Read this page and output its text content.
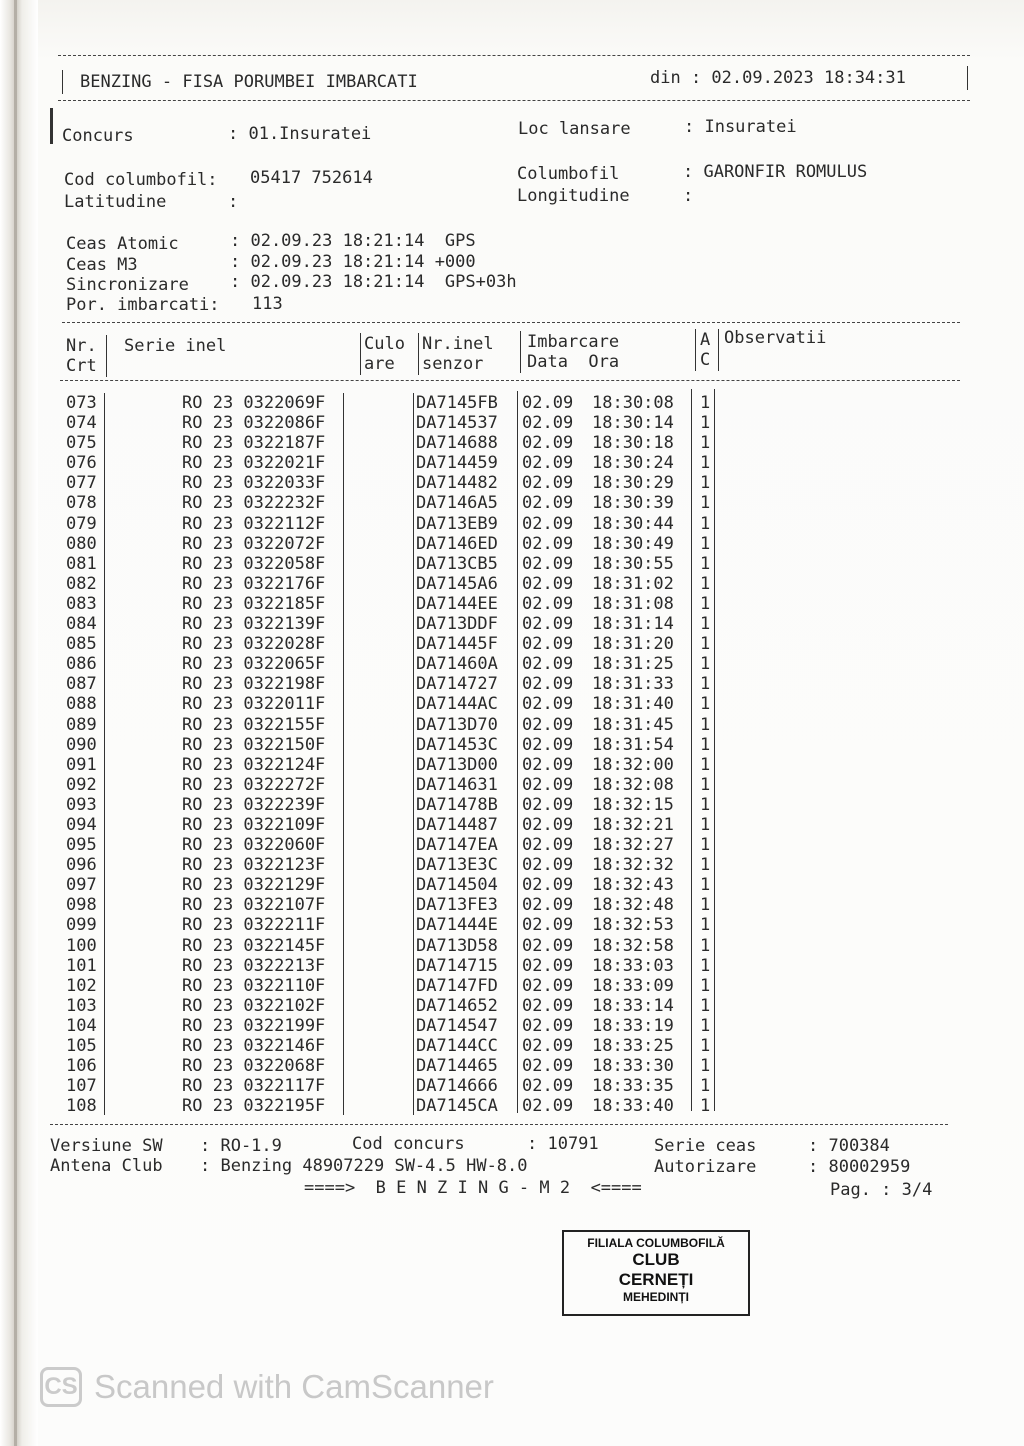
BENZING - FISA PORUMBEI IMBARCATI	din : 02.09.2023 18:34:31
Concurs	: 01.Insuratei	Loc lansare	: Insuratei
Cod columbofil: 05417 752614
Latitudine	:
Columbofil	: GARONFIR ROMULUS
Longitudine	:
Ceas Atomic	: 02.09.23 18:21:14  GPS
Ceas M3	: 02.09.23 18:21:14 +000
Sincronizare : 02.09.23 18:21:14  GPS+03h
Por. imbarcati: 113
Nr.
Crt
Serie inel	Culo
are
Nr.inel
senzor
Imbarcare
Data  Ora
A
C
Observatii
073	RO 23 0322069F	DA7145FB 02.09 18:30:08 1
074	RO 23 0322086F	DA714537 02.09 18:30:14 1
075	RO 23 0322187F	DA714688 02.09 18:30:18 1
076	RO 23 0322021F	DA714459 02.09 18:30:24 1
077	RO 23 0322033F	DA714482 02.09 18:30:29 1
078	RO 23 0322232F	DA7146A5 02.09 18:30:39 1
079	RO 23 0322112F	DA713EB9 02.09 18:30:44 1
080	RO 23 0322072F	DA7146ED 02.09 18:30:49 1
081	RO 23 0322058F	DA713CB5 02.09 18:30:55 1
082	RO 23 0322176F	DA7145A6 02.09 18:31:02 1
083	RO 23 0322185F	DA7144EE 02.09 18:31:08 1
084	RO 23 0322139F	DA713DDF 02.09 18:31:14 1
085	RO 23 0322028F	DA71445F 02.09 18:31:20 1
086	RO 23 0322065F	DA71460A 02.09 18:31:25 1
087	RO 23 0322198F	DA714727 02.09 18:31:33 1
088	RO 23 0322011F	DA7144AC 02.09 18:31:40 1
089	RO 23 0322155F	DA713D70 02.09 18:31:45 1
090	RO 23 0322150F	DA71453C 02.09 18:31:54 1
091	RO 23 0322124F	DA713D00 02.09 18:32:00 1
092	RO 23 0322272F	DA714631 02.09 18:32:08 1
093	RO 23 0322239F	DA71478B 02.09 18:32:15 1
094	RO 23 0322109F	DA714487 02.09 18:32:21 1
095	RO 23 0322060F	DA7147EA 02.09 18:32:27 1
096	RO 23 0322123F	DA713E3C 02.09 18:32:32 1
097	RO 23 0322129F	DA714504 02.09 18:32:43 1
098	RO 23 0322107F	DA713FE3 02.09 18:32:48 1
099	RO 23 0322211F	DA71444E 02.09 18:32:53 1
100	RO 23 0322145F	DA713D58 02.09 18:32:58 1
101	RO 23 0322213F	DA714715 02.09 18:33:03 1
102	RO 23 0322110F	DA7147FD 02.09 18:33:09 1
103	RO 23 0322102F	DA714652 02.09 18:33:14 1
104	RO 23 0322199F	DA714547 02.09 18:33:19 1
105	RO 23 0322146F	DA7144CC 02.09 18:33:25 1
106	RO 23 0322068F	DA714465 02.09 18:33:30 1
107	RO 23 0322117F	DA714666 02.09 18:33:35 1
108	RO 23 0322195F	DA7145CA 02.09 18:33:40 1
Versiune SW : RO-1.9	Cod concurs	: 10791	Serie ceas	: 700384
Antena Club : Benzing 48907229 SW-4.5 HW-8.0	Autorizare	: 80002959
====>  B E N Z I N G - M 2  <====	Pag. : 3/4
FILIALA COLUMBOFILĂ
CLUB
CERNEȚI
MEHEDINȚI
CS Scanned with CamScanner
